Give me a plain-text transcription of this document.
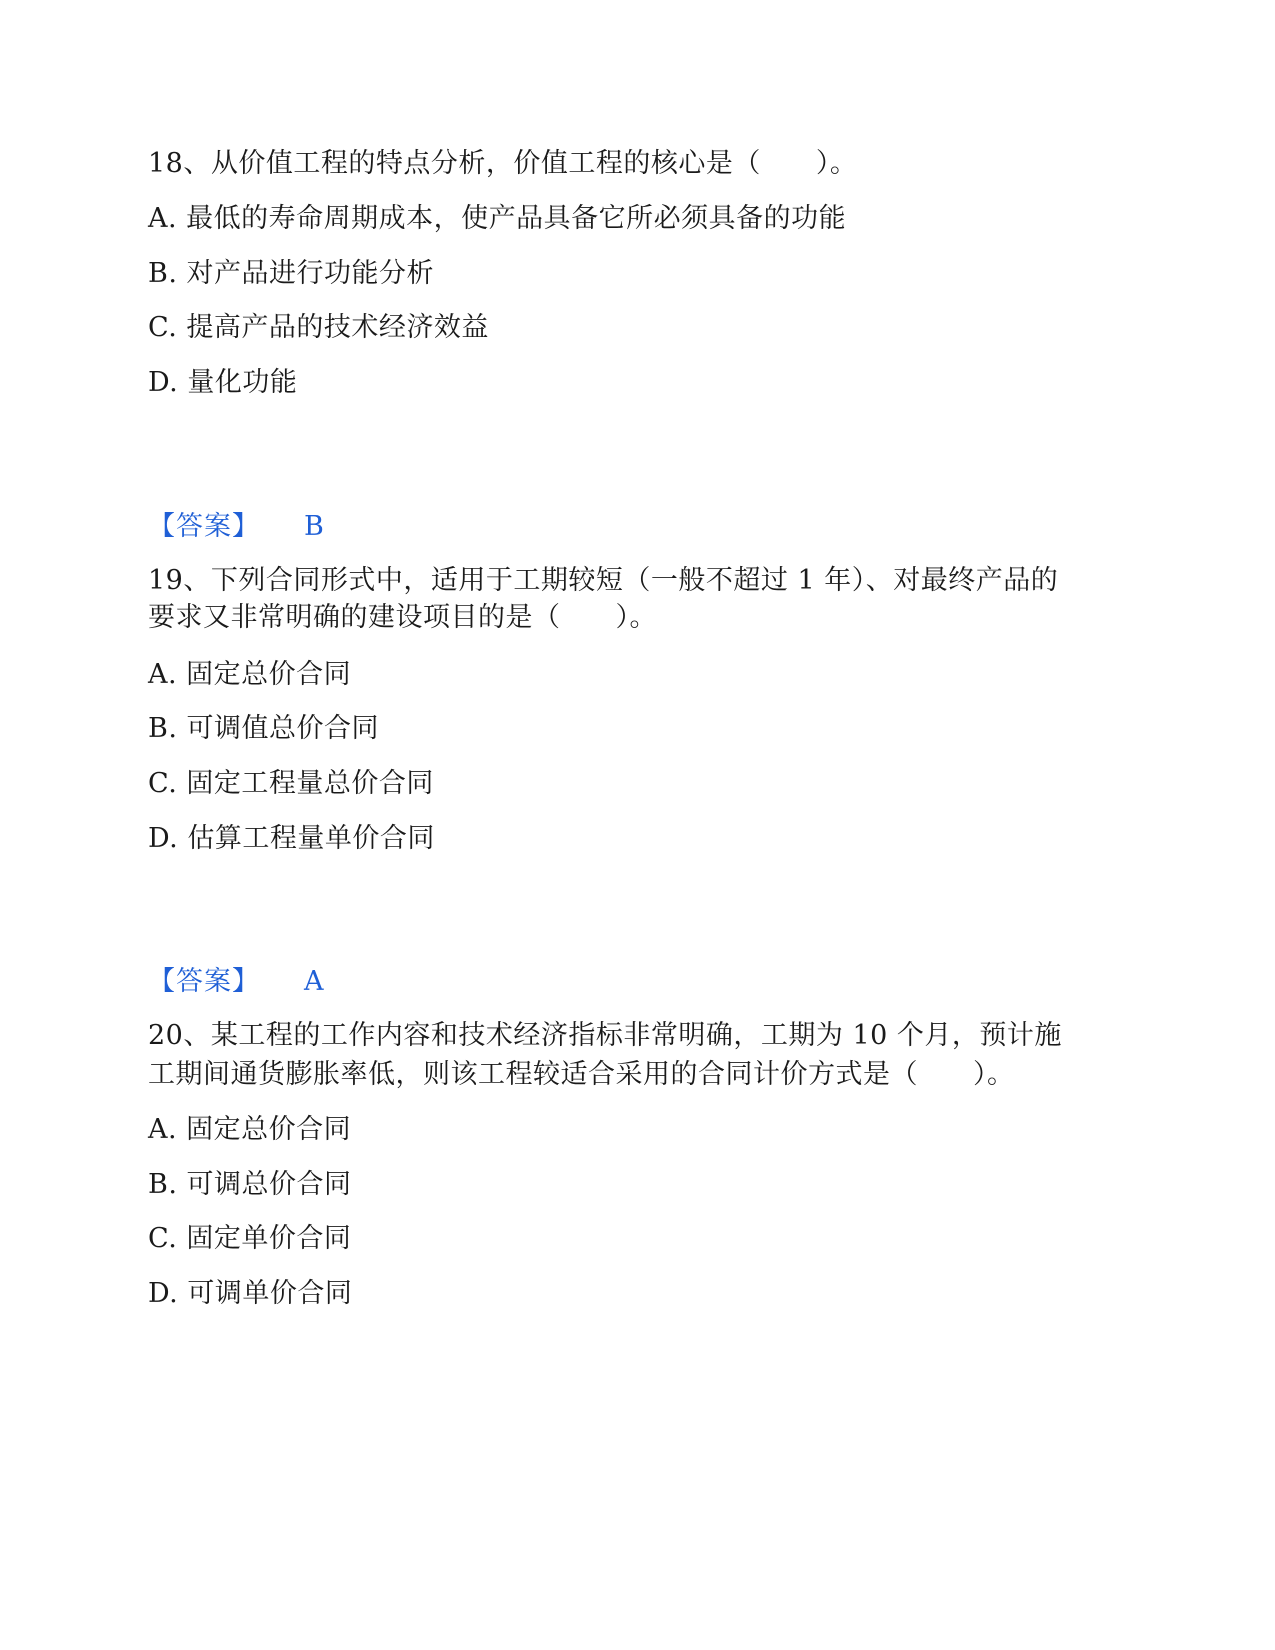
18、从价值工程的特点分析，价值工程的核心是（　　）。
A. 最低的寿命周期成本，使产品具备它所必须具备的功能
B. 对产品进行功能分析
C. 提高产品的技术经济效益
D. 量化功能
【答案】 B
19、下列合同形式中，适用于工期较短（一般不超过 1 年）、对最终产品的
要求又非常明确的建设项目的是（　　）。
A. 固定总价合同
B. 可调值总价合同
C. 固定工程量总价合同
D. 估算工程量单价合同
【答案】 A
20、某工程的工作内容和技术经济指标非常明确，工期为 10 个月，预计施
工期间通货膨胀率低，则该工程较适合采用的合同计价方式是（　　）。
A. 固定总价合同
B. 可调总价合同
C. 固定单价合同
D. 可调单价合同
